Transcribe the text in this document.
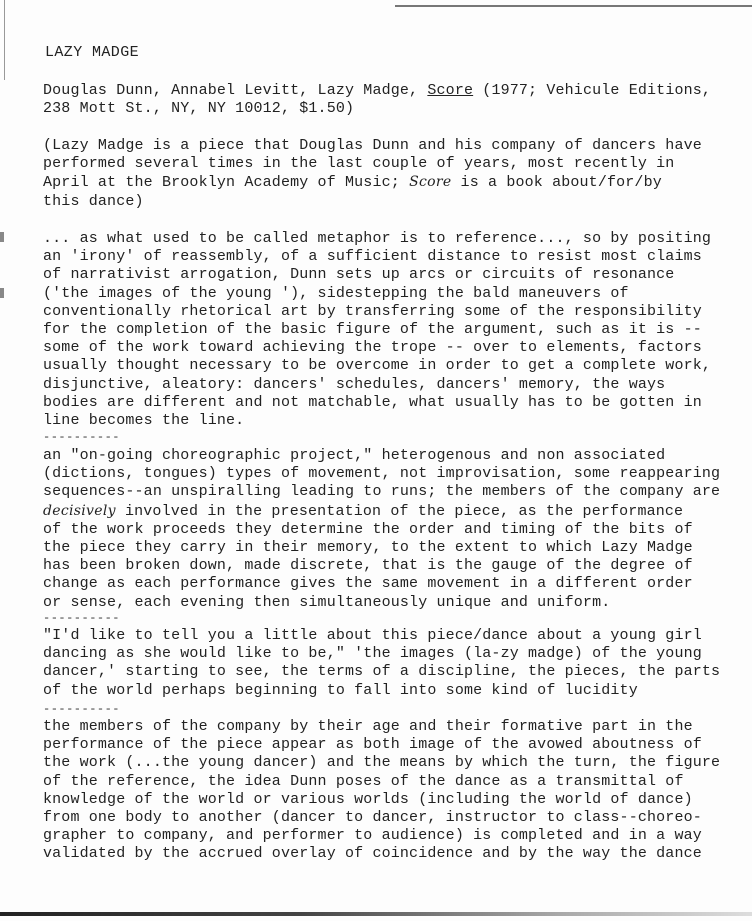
LAZY MADGE
Douglas Dunn, Annabel Levitt, Lazy Madge, Score (1977; Vehicule Editions,
238 Mott St., NY, NY 10012, $1.50)
(Lazy Madge is a piece that Douglas Dunn and his company of dancers have
performed several times in the last couple of years, most recently in
April at the Brooklyn Academy of Music; Score is a book about/for/by
this dance)
... as what used to be called metaphor is to reference..., so by positing
an 'irony' of reassembly, of a sufficient distance to resist most claims
of narrativist arrogation, Dunn sets up arcs or circuits of resonance
('the images of the young '), sidestepping the bald maneuvers of
conventionally rhetorical art by transferring some of the responsibility
for the completion of the basic figure of the argument, such as it is --
some of the work toward achieving the trope -- over to elements, factors
usually thought necessary to be overcome in order to get a complete work,
disjunctive, aleatory: dancers' schedules, dancers' memory, the ways
bodies are different and not matchable, what usually has to be gotten in
line becomes the line.
----------
an "on-going choreographic project," heterogenous and non associated
(dictions, tongues) types of movement, not improvisation, some reappearing
sequences--an unspiralling leading to runs; the members of the company are
decisively involved in the presentation of the piece, as the performance
of the work proceeds they determine the order and timing of the bits of
the piece they carry in their memory, to the extent to which Lazy Madge
has been broken down, made discrete, that is the gauge of the degree of
change as each performance gives the same movement in a different order
or sense, each evening then simultaneously unique and uniform.
----------
"I'd like to tell you a little about this piece/dance about a young girl
dancing as she would like to be," 'the images (la-zy madge) of the young
dancer,' starting to see, the terms of a discipline, the pieces, the parts
of the world perhaps beginning to fall into some kind of lucidity
----------
the members of the company by their age and their formative part in the
performance of the piece appear as both image of the avowed aboutness of
the work (...the young dancer) and the means by which the turn, the figure
of the reference, the idea Dunn poses of the dance as a transmittal of
knowledge of the world or various worlds (including the world of dance)
from one body to another (dancer to dancer, instructor to class--choreo-
grapher to company, and performer to audience) is completed and in a way
validated by the accrued overlay of coincidence and by the way the dance
